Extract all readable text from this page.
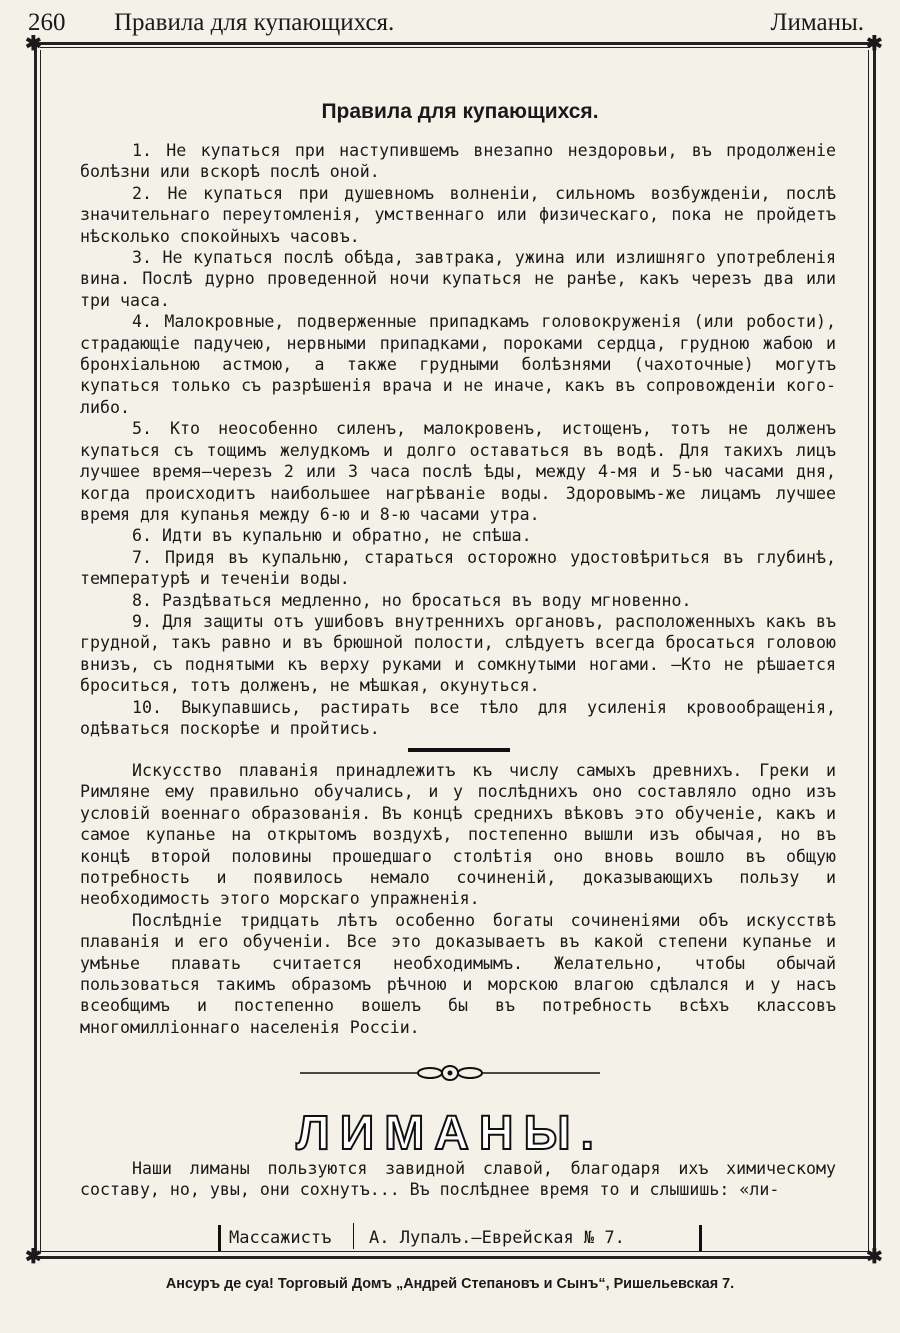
260 Правила для купающихся.	Лиманы.
✱	✱
✱	✱
Правила для купающихся.

1. Не купаться при наступившемъ внезапно нездоровьи, въ продолженіе болѣзни или вскорѣ послѣ оной.

2. Не купаться при душевномъ волненіи, сильномъ возбужденіи, послѣ значительнаго переутомленія, умственнаго или физическаго, пока не пройдетъ нѣсколько спокойныхъ часовъ.

3. Не купаться послѣ обѣда, завтрака, ужина или излишняго употребленія вина. Послѣ дурно проведенной ночи купаться не ранѣе, какъ черезъ два или три часа.

4. Малокровные, подверженные припадкамъ головокруженія (или робости), страдающіе падучею, нервными припадками, пороками сердца, грудною жабою и бронхіальною астмою, а также грудными болѣзнями (чахоточные) могутъ купаться только съ разрѣшенія врача и не иначе, какъ въ сопровожденіи кого-либо.

5. Кто неособенно силенъ, малокровенъ, истощенъ, тотъ не долженъ купаться съ тощимъ желудкомъ и долго оставаться въ водѣ. Для такихъ лицъ лучшее время—черезъ 2 или 3 часа послѣ ѣды, между 4-мя и 5-ью часами дня, когда происходитъ наибольшее нагрѣваніе воды. Здоровымъ-же лицамъ лучшее время для купанья между 6-ю и 8-ю часами утра.

6. Идти въ купальню и обратно, не спѣша.

7. Придя въ купальню, стараться осторожно удостовѣриться въ глубинѣ, температурѣ и теченіи воды.

8. Раздѣваться медленно, но бросаться въ воду мгновенно.

9. Для защиты отъ ушибовъ внутреннихъ органовъ, расположенныхъ какъ въ грудной, такъ равно и въ брюшной полости, слѣдуетъ всегда бросаться головою внизъ, съ поднятыми къ верху руками и сомкнутыми ногами. —Кто не рѣшается броситься, тотъ долженъ, не мѣшкая, окунуться.

10. Выкупавшись, растирать все тѣло для усиленія кровообращенія, одѣваться поскорѣе и пройтись.

Искусство плаванія принадлежитъ къ числу самыхъ древнихъ. Греки и Римляне ему правильно обучались, и у послѣднихъ оно составляло одно изъ условій военнаго образованія. Въ концѣ среднихъ вѣковъ это обученіе, какъ и самое купанье на открытомъ воздухѣ, постепенно вышли изъ обычая, но въ концѣ второй половины прошедшаго столѣтія оно вновь вошло въ общую потребность и появилось немало сочиненій, доказывающихъ пользу и необходимость этого морскаго упражненія.

Послѣдніе тридцать лѣтъ особенно богаты сочиненіями объ искусствѣ плаванія и его обученіи. Все это доказываетъ въ какой степени купанье и умѣнье плавать считается необходимымъ. Желательно, чтобы обычай пользоваться такимъ образомъ рѣчною и морскою влагою сдѣлался и у насъ всеобщимъ и постепенно вошелъ бы въ потребность всѣхъ классовъ многомилліоннаго населенія Россіи.

ЛИМАНЫ.

Наши лиманы пользуются завидной славой, благодаря ихъ химическому составу, но, увы, они сохнутъ... Въ послѣднее время то и слышишь: «ли-

Массажистъ А. Лупалъ.—Еврейская № 7.
Ансуръ де суа! Торговый Домъ „Андрей Степановъ и Сынъ“, Ришельевская 7.
